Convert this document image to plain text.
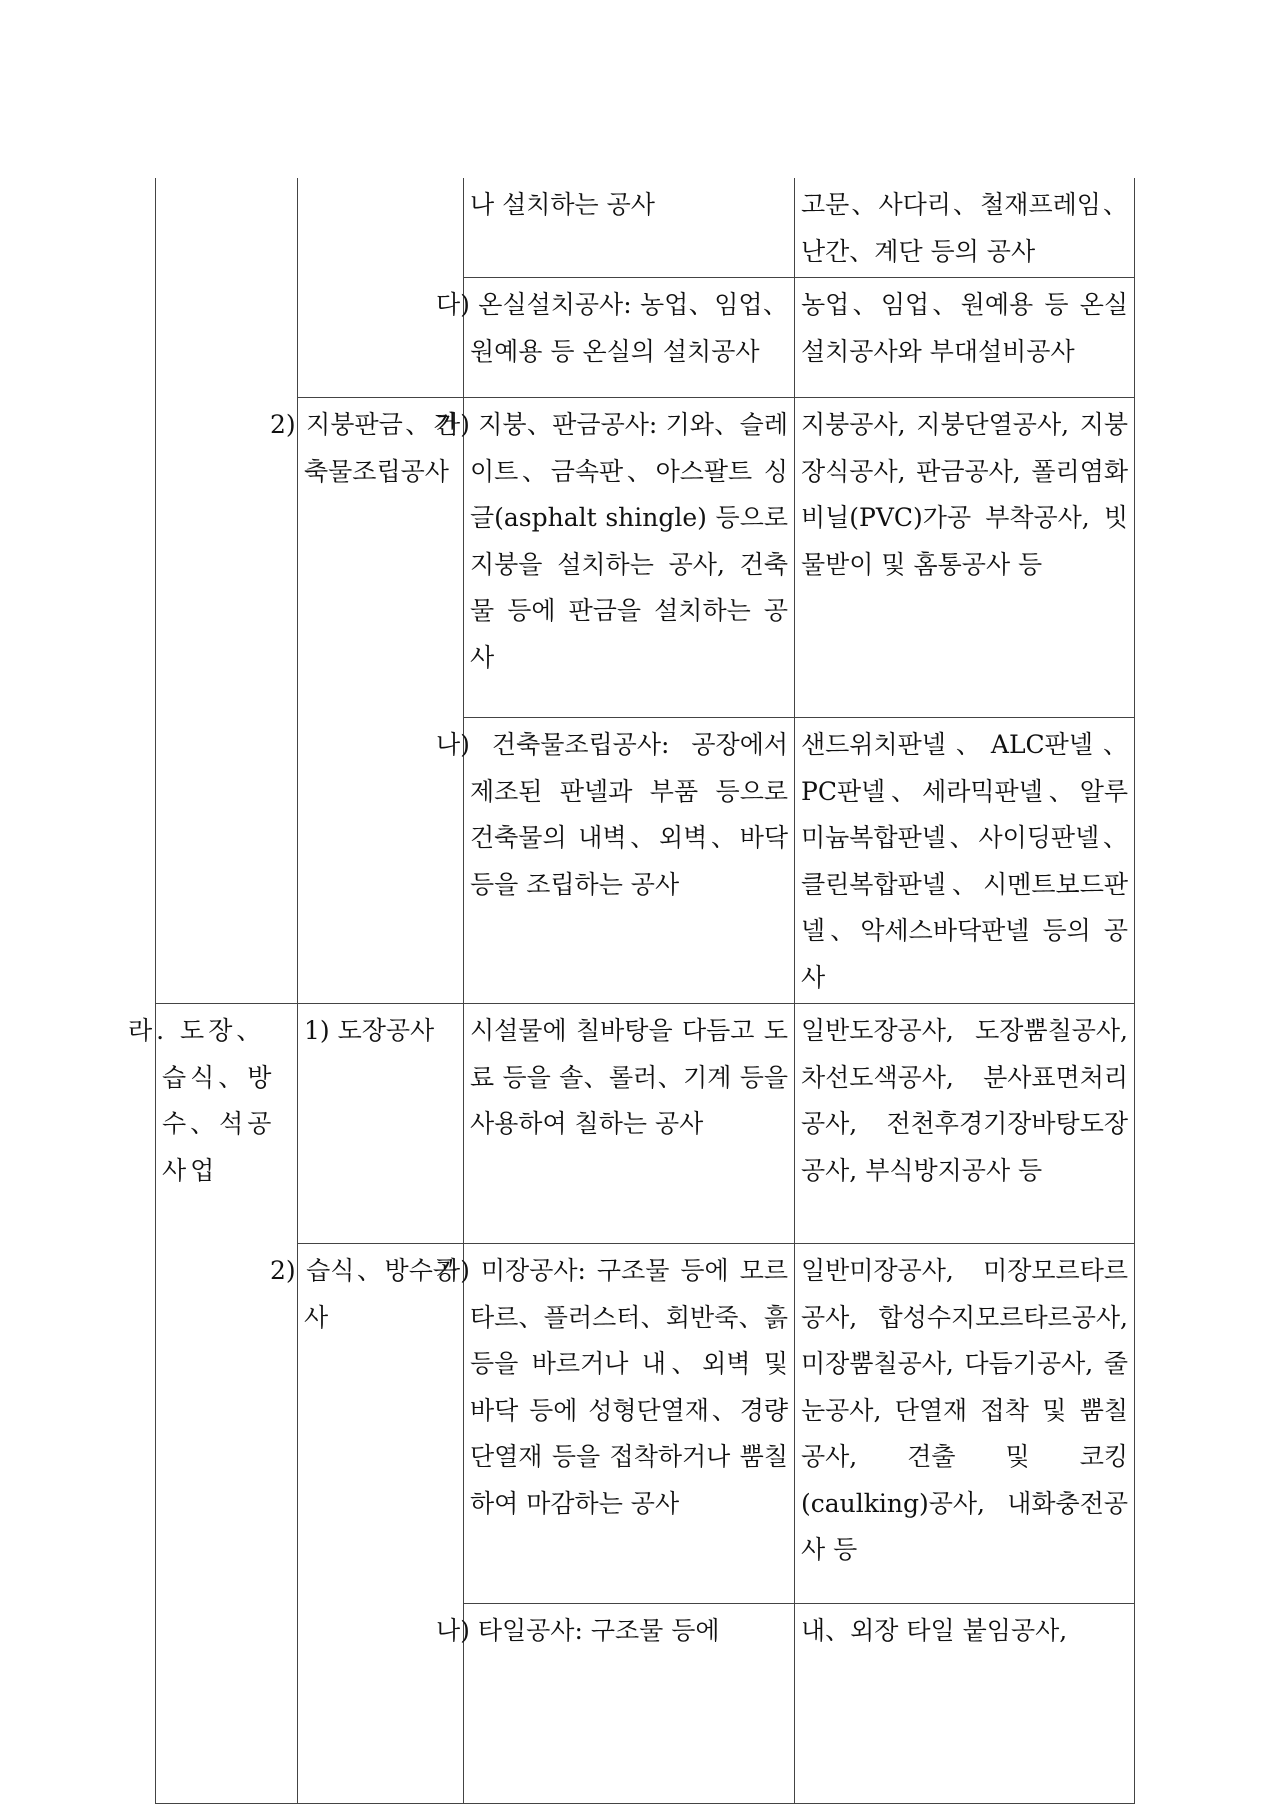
		나 설치하는 공사	고문、사다리、철재프레임、난간、계단 등의 공사
		다) 온실설치공사: 농업、임업、원예용 등 온실의 설치공사	농업、임업、원예용 등 온실설치공사와 부대설비공사
	2) 지붕판금、건축물조립공사	가) 지붕、판금공사: 기와、슬레이트、금속판、아스팔트 싱글(asphalt shingle) 등으로 지붕을 설치하는 공사, 건축물 등에 판금을 설치하는 공사	지붕공사, 지붕단열공사, 지붕장식공사, 판금공사, 폴리염화비닐(PVC)가공 부착공사, 빗물받이 및 홈통공사 등
		나) 건축물조립공사: 공장에서 제조된 판넬과 부품 등으로 건축물의 내벽、외벽、바닥 등을 조립하는 공사	샌드위치판넬、ALC판넬、PC판넬、세라믹판넬、알루미늄복합판넬、사이딩판넬、클린복합판넬、시멘트보드판넬、악세스바닥판넬 등의 공사
라. 도장、습식、방수、석공사업	1) 도장공사	시설물에 칠바탕을 다듬고 도료 등을 솔、롤러、기계 등을 사용하여 칠하는 공사	일반도장공사, 도장뿜칠공사, 차선도색공사, 분사표면처리공사, 전천후경기장바탕도장공사, 부식방지공사 등
	2) 습식、방수공사	가) 미장공사: 구조물 등에 모르타르、플러스터、회반죽、흙 등을 바르거나 내、외벽 및 바닥 등에 성형단열재、경량단열재 등을 접착하거나 뿜칠하여 마감하는 공사	일반미장공사, 미장모르타르공사, 합성수지모르타르공사, 미장뿜칠공사, 다듬기공사, 줄눈공사, 단열재 접착 및 뿜칠공사, 견출 및 코킹(caulking)공사, 내화충전공사 등
		나) 타일공사: 구조물 등에	내、외장 타일 붙임공사,
